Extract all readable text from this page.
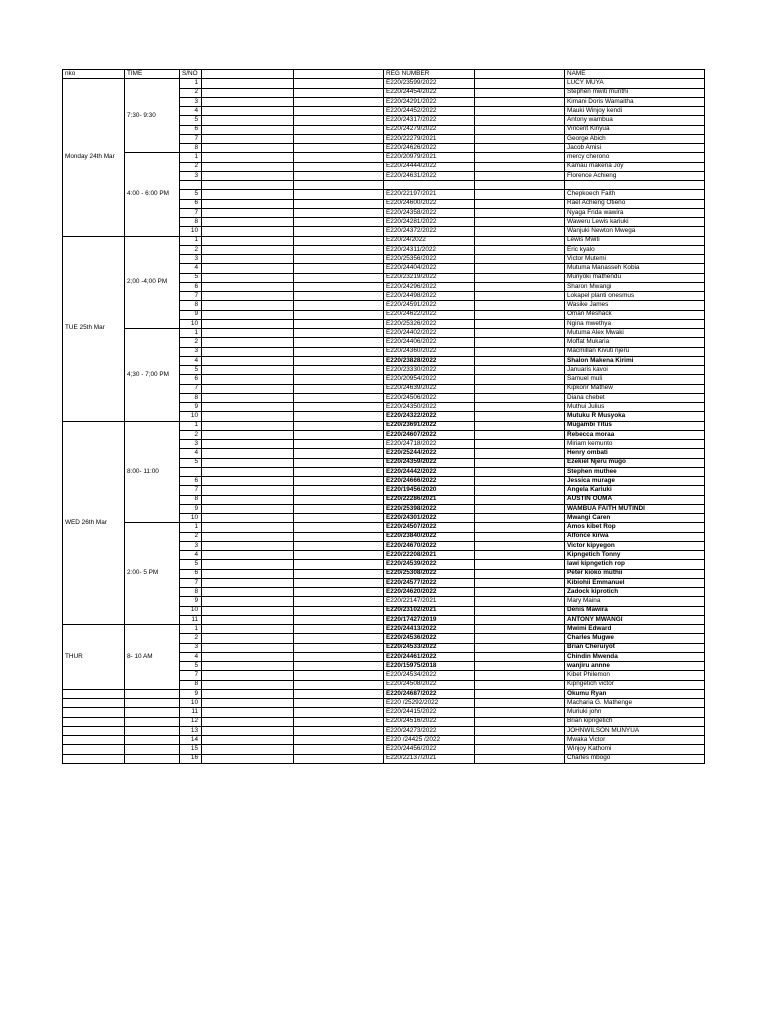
nko	TIME	S/NO			REG NUMBER		NAME
Monday 24th Mar	7:30- 9:30	1			E220/23599/2022		LUCY MUYA
		2			E220/24454/2022		Stephen mwiti murithi
		3			E220/24291/2022		Kimani Doris Wamaitha
		4			E220/24452/2022		Mauki Winjoy kendi
		5			E220/24317/2022		Antony wambua
		6			E220/24279/2022		Vincent Kinyua
		7			E220/22279/2021		George Abich
		8			E220/24626/2022		Jacob Amisi
	4:00 - 6:00 PM	1			E220/20979/2021		mercy cherono
		2			E220/24444/2022		Kamau makena Joy
		3			E220/24631/2022		Florence Achieng

		5			E220/22197/2021		Chepkoech Faith
		6			E220/24600/2022		Rael Achieng Otieno
		7			E220/24358/2022		Nyaga Frida wawira
		8			E220/24281/2022		Waweru Lewis kariuki
		10			E220/24372/2022		Wanjuki Newton Mwega
TUE 25th Mar	2;00 -4;00 PM	1			E220/24/2022		Lewis Mwiti
		2			E220/24311/2022		Eric kyalo
		3			E220/25356/2022		Victor Mutemi
		4			E220/24404/2022		Mutuma Manasseh Kobia
		5			E220/23219/2022		Munyoki mathendu
		6			E220/24296/2022		Sharon Mwangi
		7			E220/24498/2022		Lokapel planti onesmus
		8			E220/24591/2022		Wasike James
		9			E220/24622/2022		Omari Meshack
		10			E220/25326/2022		Ngina mwethya
	4;30 - 7;00 PM	1			E220/24402/2022		Mutuma Alex Mwaki
		2			E220/24406/2022		Moffat Mukaria
		3			E220/24360/2022		Macmillan Kivuti njeru
		4			E220/23828/2022		Shalon Makena Kirimi
		5			E220/23330/2022		Januaris kavoi
		6			E220/20954/2022		Samuel muli
		7			E220/24639/2022		Kipkorir Mathew
		8			E220/24506/2022		Diana chebet
		9			E220/24350/2022		Muthui Julius
		10			E220/24322/2022		Mutuku R Musyoka
WED 26th Mar	8:00- 11:00	1			E220/23691/2022		Mugambi Titus
		2			E220/24607/2022		Rebecca moraa
		3			E220/24718/2022		Miriam kemunto
		4			E220/25244/2022		Henry ombati
		5			E220/24359/2022		Ezekiel Njeru mugo
					E220/24442/2022		Stephen muthee
		6			E220/24666/2022		Jessica murage
		7			E220/19456/2020		Angela Kariuki
		8			E220/22286/2021		AUSTIN OUMA
		9			E220/25398/2022		WAMBUA FAITH MUTINDI
		10			E220/24301/2022		Mwangi Caren
	2:00- 5 PM	1			E220/24507/2022		Amos kibet Rop
		2			E220/23840/2022		Alfonce kirwa
		3			E220/24670/2022		Victor kipyegon
		4			E220/22208/2021		Kipngetich Tonny
		5			E220/24539/2022		lawi kipngetich rop
		6			E220/25308/2022		Peter kioko muthii
		7			E220/24577/2022		Kibiohii Emmanuel
		8			E220/24620/2022		Zadock kiprotich
		9			E220/22147/2021		Mary Maina
		10			E220/23102/2021		Denis Mawira
		11			E220/17427/2019		ANTONY MWANGI
THUR	8- 10 AM	1			E220/24413/2022		Mwimi Edward
		2			E220/24536/2022		Charles Mugwe
		3			E220/24533/2022		Brian Cheruiyot
		4			E220/24461/2022		Chindin Mwenda
		5			E220/15975/2018		wanjiru annne
		7			E220/24534/2022		Kibet Philemon
		8			E220/24508/2022		Kipngetich victor
		9			E220/24687/2022		Okumu Ryan
		10			E220 /25292/2022		Macharia G. Mathenge
		11			E220/24415/2022		Muriuki john
		12			E220/24516/2022		Brian kipngetich
		13			E220/24273/2022		JOHNWILSON MUNYUA
		14			E220 /24425 /2022		Mwaka Victor
		15			E220/24456/2022		Winjoy Kathomi
		16			E220/22137/2021		Charles mbogo
